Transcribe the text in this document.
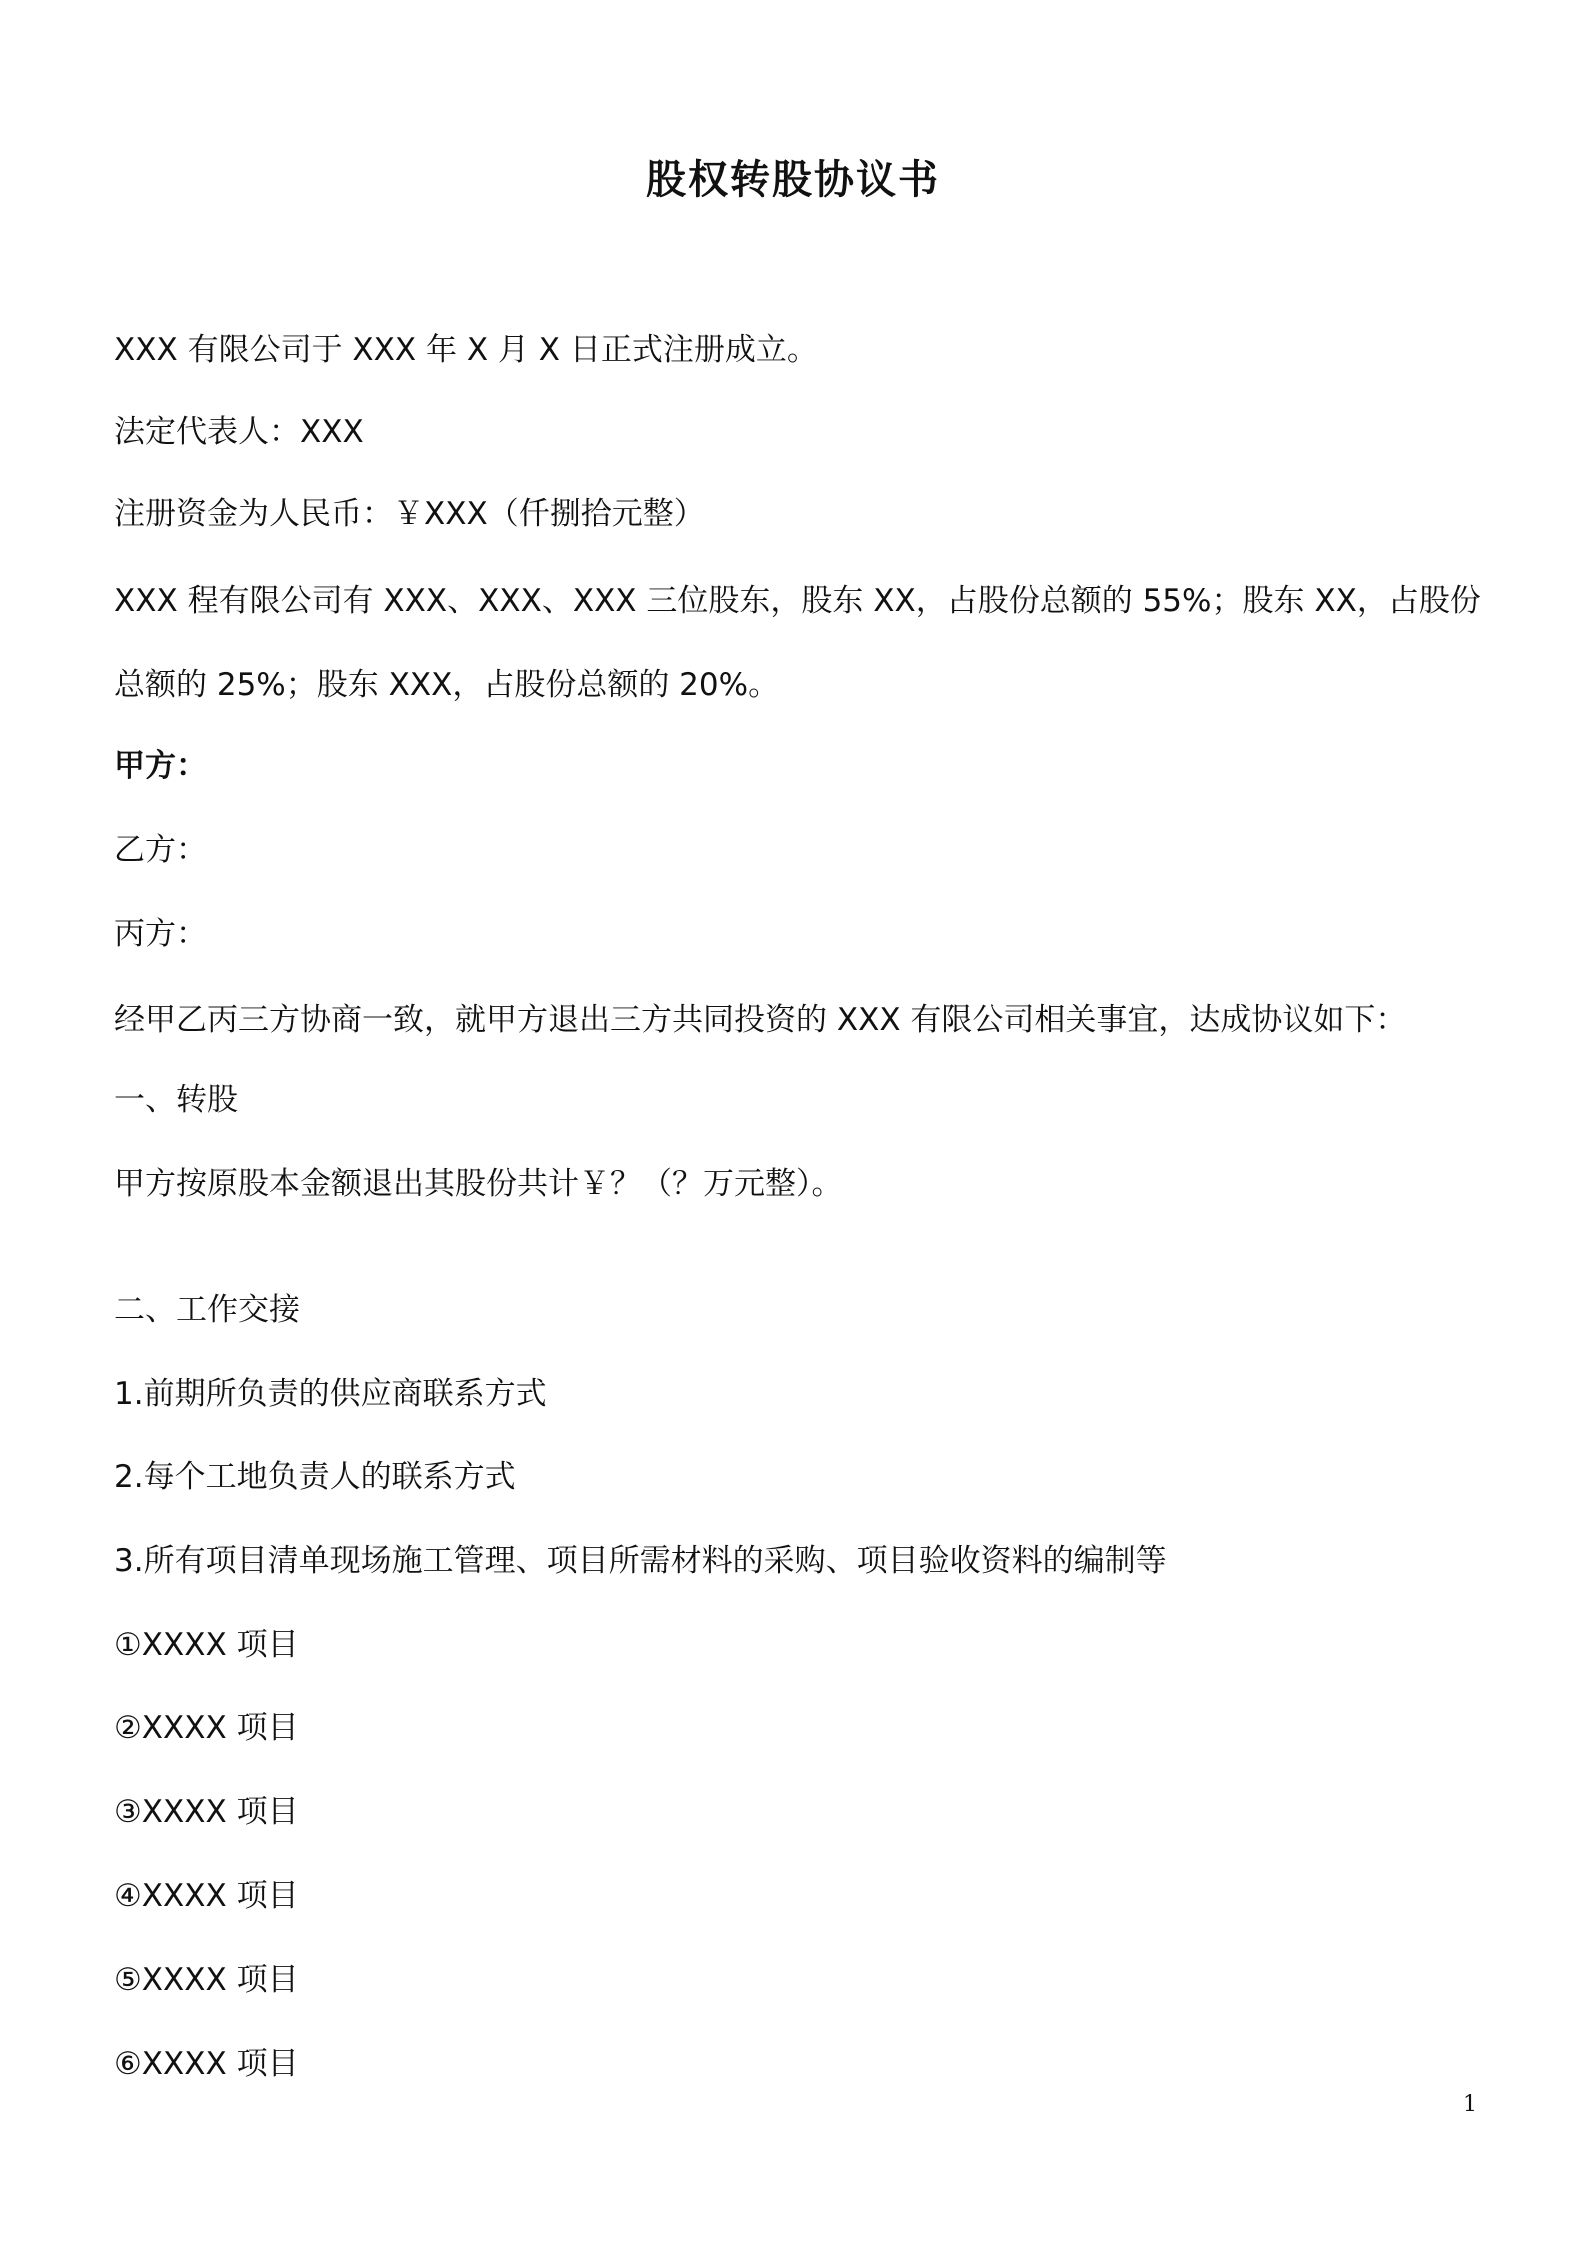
股权转股协议书
XXX 有限公司于 XXX 年 X 月 X 日正式注册成立。
法定代表人：XXX
注册资金为人民币：￥XXX（仟捌拾元整）
XXX 程有限公司有 XXX、XXX、XXX 三位股东，股东 XX，占股份总额的 55%；股东 XX，占股份
总额的 25%；股东 XXX，占股份总额的 20%。
甲方：
乙方：
丙方：
经甲乙丙三方协商一致，就甲方退出三方共同投资的 XXX 有限公司相关事宜，达成协议如下：
一、转股
甲方按原股本金额退出其股份共计￥？（？万元整）。
二、工作交接
1.前期所负责的供应商联系方式
2.每个工地负责人的联系方式
3.所有项目清单现场施工管理、项目所需材料的采购、项目验收资料的编制等
①XXXX 项目
②XXXX 项目
③XXXX 项目
④XXXX 项目
⑤XXXX 项目
⑥XXXX 项目
1
